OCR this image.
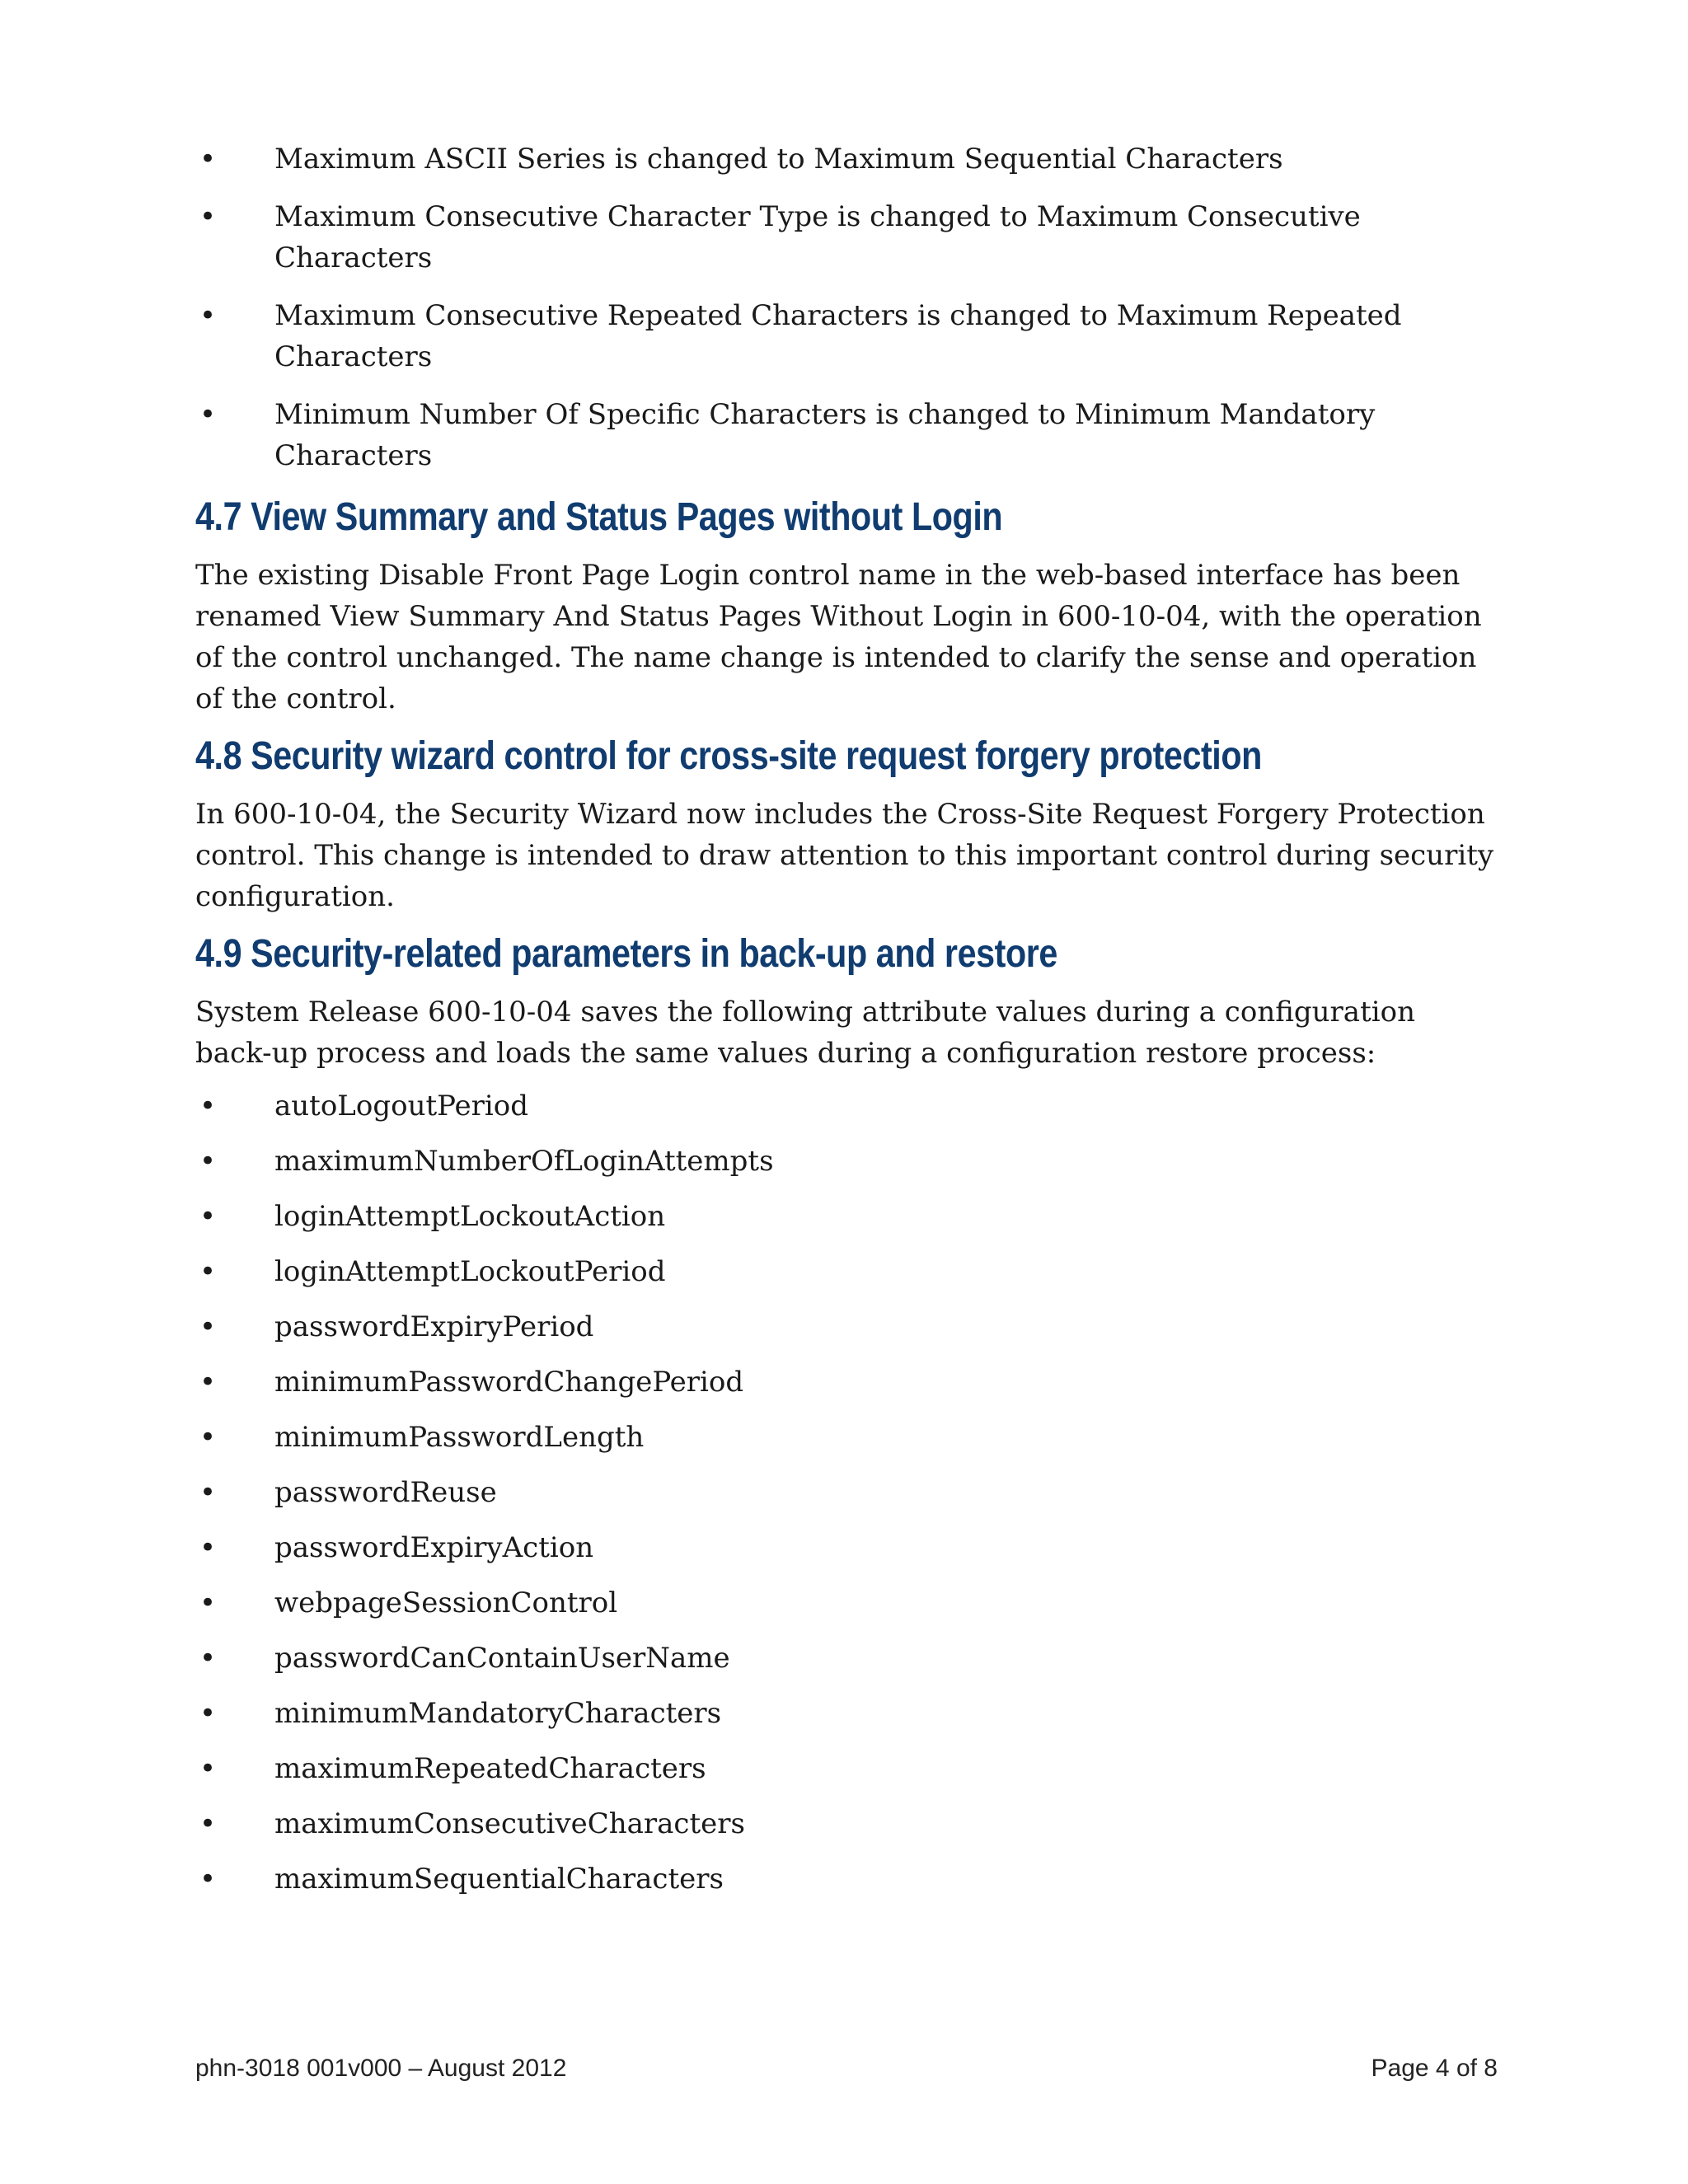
• Maximum ASCII Series is changed to Maximum Sequential Characters
• Maximum Consecutive Character Type is changed to Maximum Consecutive Characters
• Maximum Consecutive Repeated Characters is changed to Maximum Repeated Characters
• Minimum Number Of Specific Characters is changed to Minimum Mandatory Characters
4.7 View Summary and Status Pages without Login

The existing Disable Front Page Login control name in the web-based interface has been renamed View Summary And Status Pages Without Login in 600-10-04, with the operation of the control unchanged. The name change is intended to clarify the sense and operation of the control.

4.8 Security wizard control for cross-site request forgery protection

In 600-10-04, the Security Wizard now includes the Cross-Site Request Forgery Protection control. This change is intended to draw attention to this important control during security configuration.

4.9 Security-related parameters in back-up and restore

System Release 600-10-04 saves the following attribute values during a configuration back-up process and loads the same values during a configuration restore process:

• autoLogoutPeriod
• maximumNumberOfLoginAttempts
• loginAttemptLockoutAction
• loginAttemptLockoutPeriod
• passwordExpiryPeriod
• minimumPasswordChangePeriod
• minimumPasswordLength
• passwordReuse
• passwordExpiryAction
• webpageSessionControl
• passwordCanContainUserName
• minimumMandatoryCharacters
• maximumRepeatedCharacters
• maximumConsecutiveCharacters
• maximumSequentialCharacters
phn-3018 001v000 – August 2012	Page 4 of 8
